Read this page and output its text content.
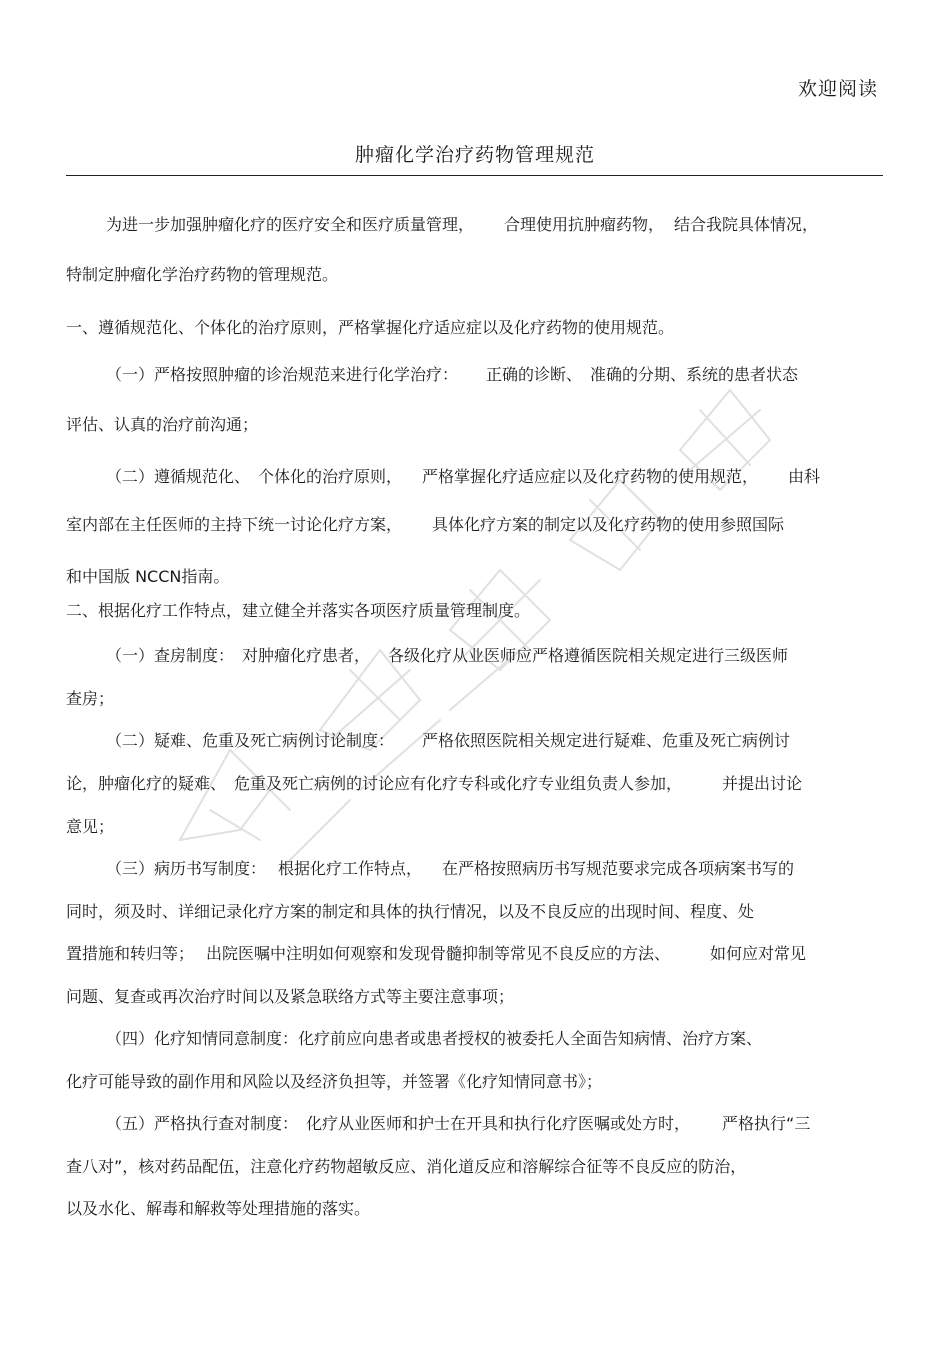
欢迎阅读
肿瘤化学治疗药物管理规范
为进一步加强肿瘤化疗的医疗安全和医疗质量管理， 合理使用抗肿瘤药物， 结合我院具体情况，
特制定肿瘤化学治疗药物的管理规范。
一、遵循规范化、个体化的治疗原则，严格掌握化疗适应症以及化疗药物的使用规范。
（一）严格按照肿瘤的诊治规范来进行化学治疗： 正确的诊断、 准确的分期、系统的患者状态
评估、认真的治疗前沟通；
（二）遵循规范化、 个体化的治疗原则， 严格掌握化疗适应症以及化疗药物的使用规范， 由科
室内部在主任医师的主持下统一讨论化疗方案， 具体化疗方案的制定以及化疗药物的使用参照国际
和中国版 NCCN指南。
二、根据化疗工作特点，建立健全并落实各项医疗质量管理制度。
（一）查房制度： 对肿瘤化疗患者， 各级化疗从业医师应严格遵循医院相关规定进行三级医师
查房；
（二）疑难、危重及死亡病例讨论制度： 严格依照医院相关规定进行疑难、危重及死亡病例讨
论，肿瘤化疗的疑难、 危重及死亡病例的讨论应有化疗专科或化疗专业组负责人参加，	并提出讨论
意见；
（三）病历书写制度： 根据化疗工作特点， 在严格按照病历书写规范要求完成各项病案书写的
同时，须及时、详细记录化疗方案的制定和具体的执行情况，以及不良反应的出现时间、程度、处
置措施和转归等； 出院医嘱中注明如何观察和发现骨髓抑制等常见不良反应的方法、	如何应对常见
问题、复查或再次治疗时间以及紧急联络方式等主要注意事项；
（四）化疗知情同意制度：化疗前应向患者或患者授权的被委托人全面告知病情、治疗方案、
化疗可能导致的副作用和风险以及经济负担等，并签署《化疗知情同意书》；
（五）严格执行查对制度： 化疗从业医师和护士在开具和执行化疗医嘱或处方时， 严格执行“三
查八对”，核对药品配伍，注意化疗药物超敏反应、消化道反应和溶解综合征等不良反应的防治，
以及水化、解毒和解救等处理措施的落实。
